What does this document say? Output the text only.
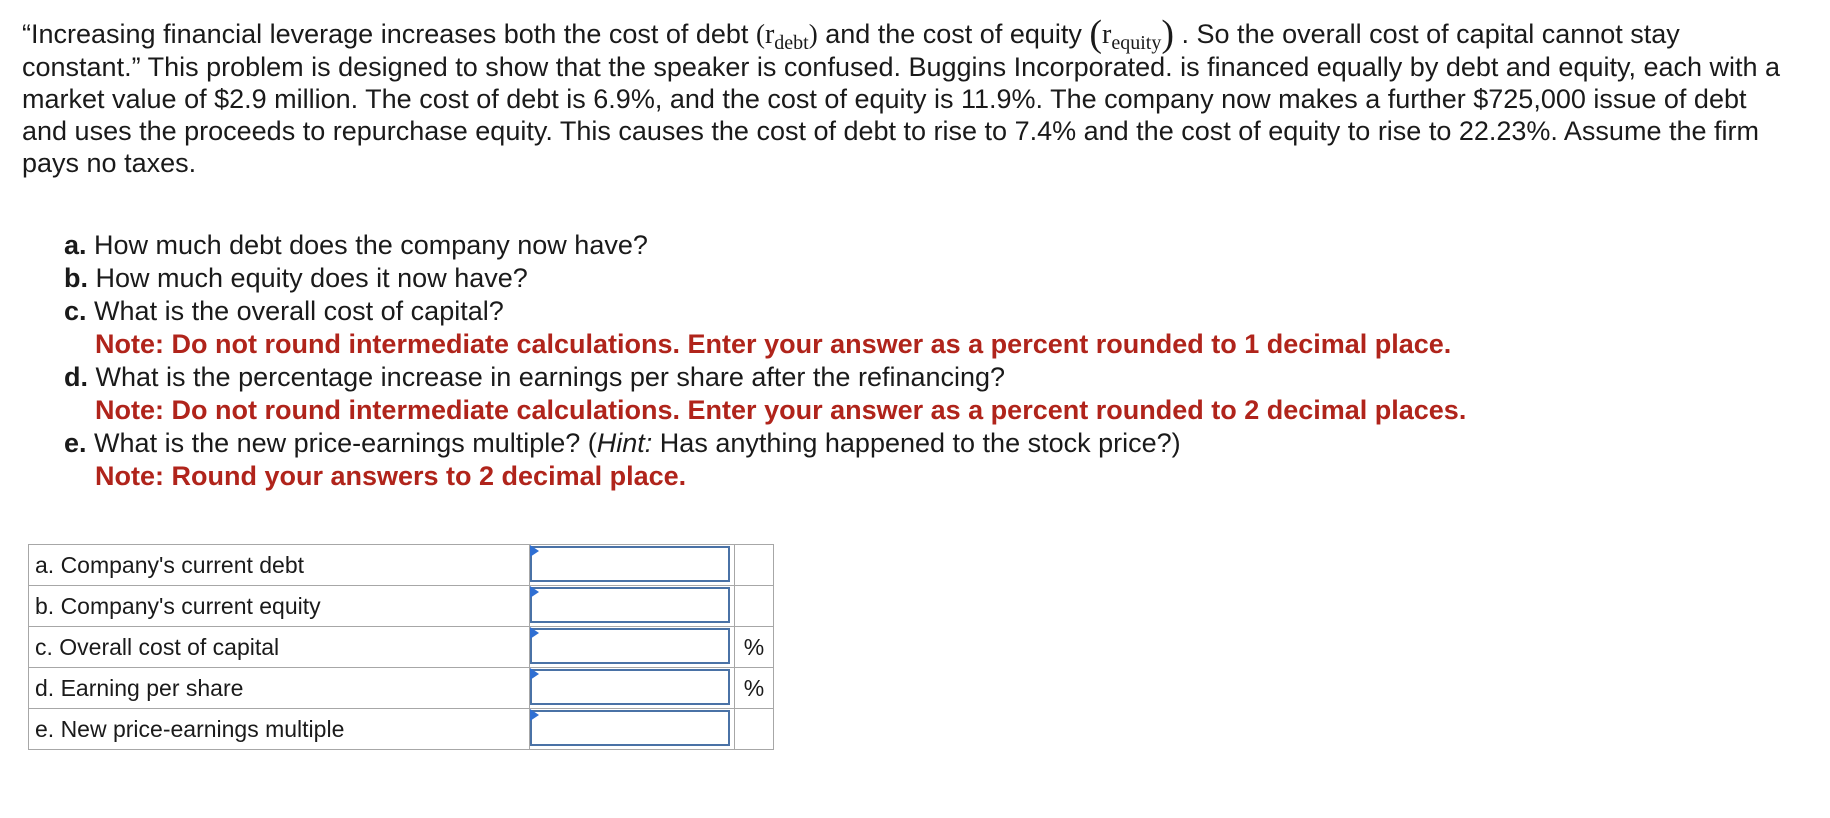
“Increasing financial leverage increases both the cost of debt $(r_{debt})$ and the cost of equity $(r_{equity})$ . So the overall cost of capital cannot stay constant.” This problem is designed to show that the speaker is confused. Buggins Incorporated. is financed equally by debt and equity, each with a market value of $2.9 million. The cost of debt is 6.9%, and the cost of equity is 11.9%. The company now makes a further $725,000 issue of debt and uses the proceeds to repurchase equity. This causes the cost of debt to rise to 7.4% and the cost of equity to rise to 22.23%. Assume the firm pays no taxes.

a. How much debt does the company now have?
b. How much equity does it now have?
c. What is the overall cost of capital?
Note: Do not round intermediate calculations. Enter your answer as a percent rounded to 1 decimal place.
d. What is the percentage increase in earnings per share after the refinancing?
Note: Do not round intermediate calculations. Enter your answer as a percent rounded to 2 decimal places.
e. What is the new price-earnings multiple? (Hint: Has anything happened to the stock price?)
Note: Round your answers to 2 decimal place.
a. Company's current debt	

b. Company's current equity	

c. Overall cost of capital		%
d. Earning per share		%
e. New price-earnings multiple	
